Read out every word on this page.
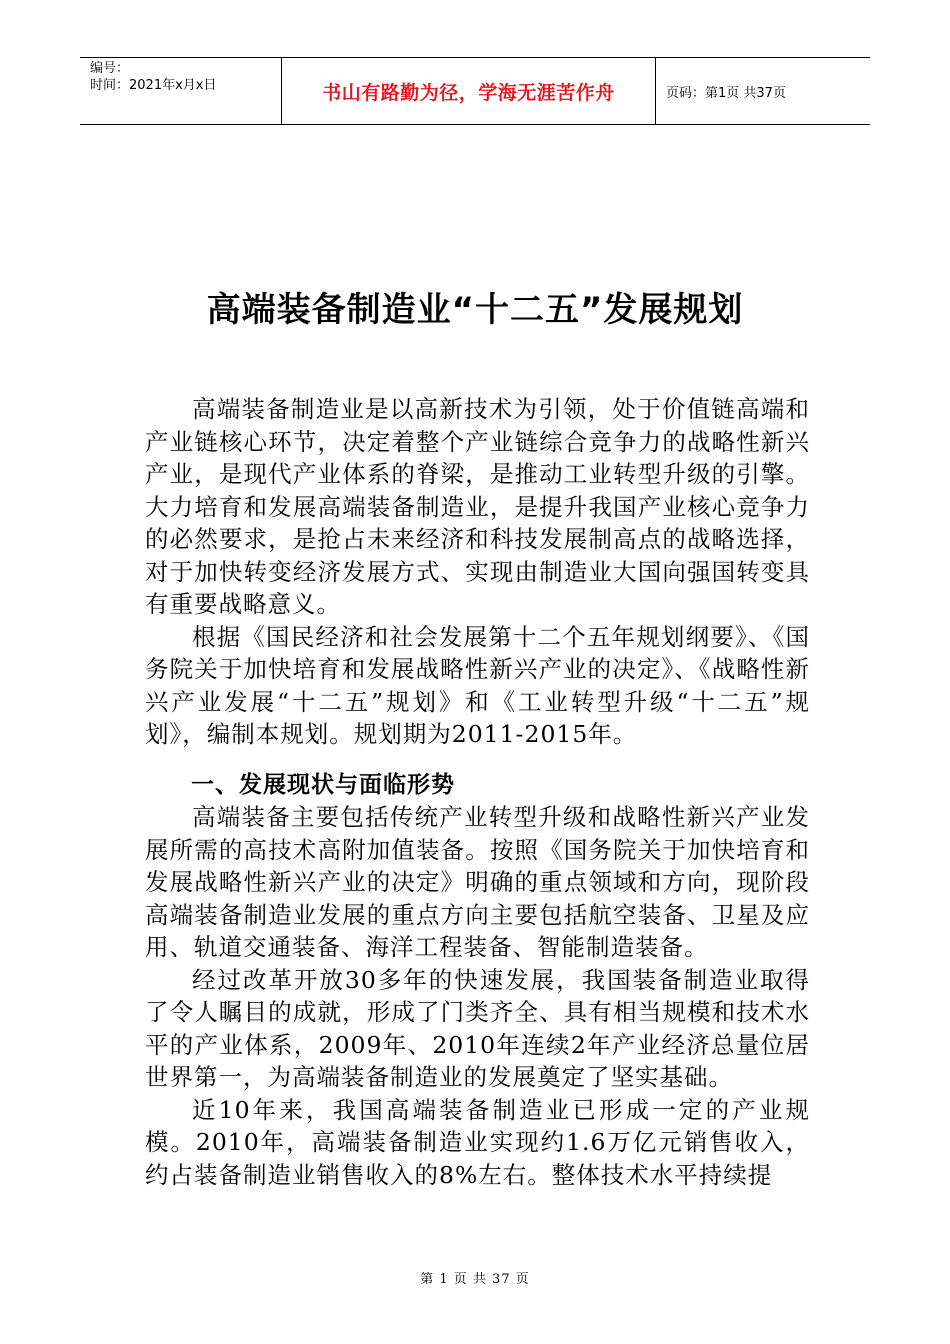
编号：
时间：2021年x月x日	书山有路勤为径，学海无涯苦作舟	页码：第1页 共37页
高端装备制造业“十二五”发展规划

高端装备制造业是以高新技术为引领，处于价值链高端和产业链核心环节，决定着整个产业链综合竞争力的战略性新兴产业，是现代产业体系的脊梁，是推动工业转型升级的引擎。大力培育和发展高端装备制造业，是提升我国产业核心竞争力的必然要求，是抢占未来经济和科技发展制高点的战略选择，对于加快转变经济发展方式、实现由制造业大国向强国转变具有重要战略意义。

根据《国民经济和社会发展第十二个五年规划纲要》、《国务院关于加快培育和发展战略性新兴产业的决定》、《战略性新兴产业发展“十二五”规划》和《工业转型升级“十二五”规划》，编制本规划。规划期为2011-2015年。

一、发展现状与面临形势

高端装备主要包括传统产业转型升级和战略性新兴产业发展所需的高技术高附加值装备。按照《国务院关于加快培育和发展战略性新兴产业的决定》明确的重点领域和方向，现阶段高端装备制造业发展的重点方向主要包括航空装备、卫星及应用、轨道交通装备、海洋工程装备、智能制造装备。

经过改革开放30多年的快速发展，我国装备制造业取得了令人瞩目的成就，形成了门类齐全、具有相当规模和技术水平的产业体系，2009年、2010年连续2年产业经济总量位居世界第一，为高端装备制造业的发展奠定了坚实基础。

近10年来，我国高端装备制造业已形成一定的产业规模。2010年，高端装备制造业实现约1.6万亿元销售收入，约占装备制造业销售收入的8%左右。整体技术水平持续提

第 1 页 共 37 页
